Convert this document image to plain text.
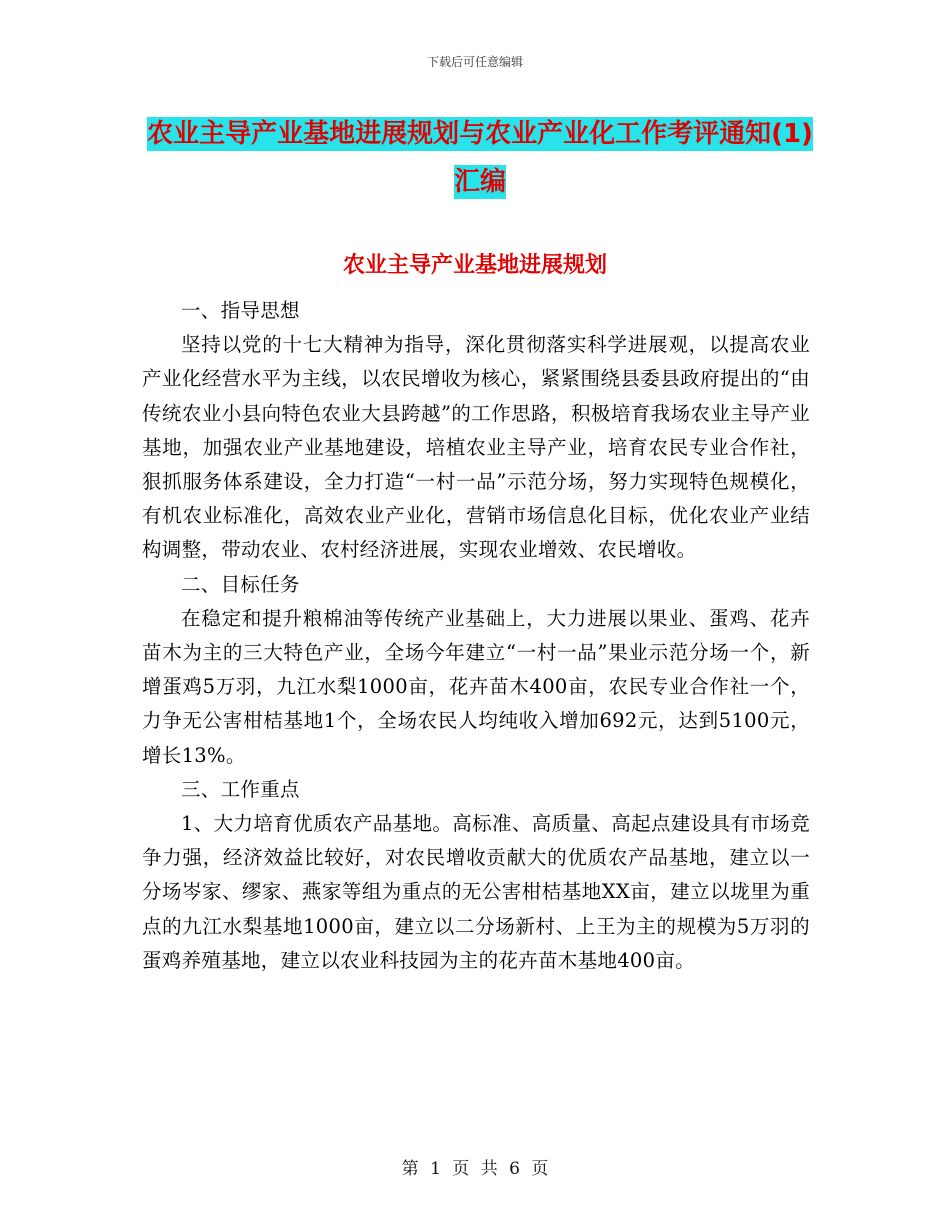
下载后可任意编辑
农业主导产业基地进展规划与农业产业化工作考评通知(1)汇编
农业主导产业基地进展规划

一、指导思想

坚持以党的十七大精神为指导，深化贯彻落实科学进展观，以提高农业产业化经营水平为主线，以农民增收为核心，紧紧围绕县委县政府提出的“由传统农业小县向特色农业大县跨越”的工作思路，积极培育我场农业主导产业基地，加强农业产业基地建设，培植农业主导产业，培育农民专业合作社，狠抓服务体系建设，全力打造“一村一品”示范分场，努力实现特色规模化，有机农业标准化，高效农业产业化，营销市场信息化目标，优化农业产业结构调整，带动农业、农村经济进展，实现农业增效、农民增收。

二、目标任务

在稳定和提升粮棉油等传统产业基础上，大力进展以果业、蛋鸡、花卉苗木为主的三大特色产业，全场今年建立“一村一品”果业示范分场一个，新增蛋鸡5万羽，九江水梨1000亩，花卉苗木400亩，农民专业合作社一个，力争无公害柑桔基地1个，全场农民人均纯收入增加692元，达到5100元，增长13%。

三、工作重点

1、大力培育优质农产品基地。高标准、高质量、高起点建设具有市场竞争力强，经济效益比较好，对农民增收贡献大的优质农产品基地，建立以一分场岑家、缪家、燕家等组为重点的无公害柑桔基地XX亩，建立以垅里为重点的九江水梨基地1000亩，建立以二分场新村、上王为主的规模为5万羽的蛋鸡养殖基地，建立以农业科技园为主的花卉苗木基地400亩。

第 1 页 共 6 页
